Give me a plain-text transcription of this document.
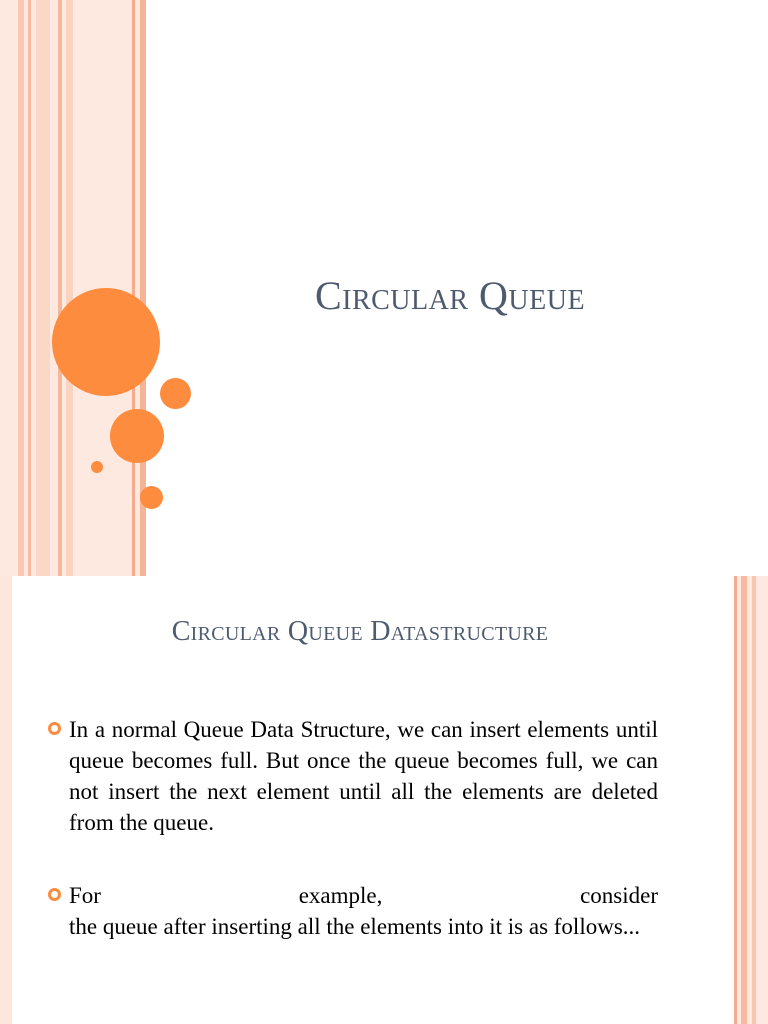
Circular Queue
Circular Queue Datastructure
In a normal Queue Data Structure, we can insert elements until queue becomes full. But once the queue becomes full, we can not insert the next element until all the elements are deleted from the queue.
For	example,	consider
the queue after inserting all the elements into it is as follows...
